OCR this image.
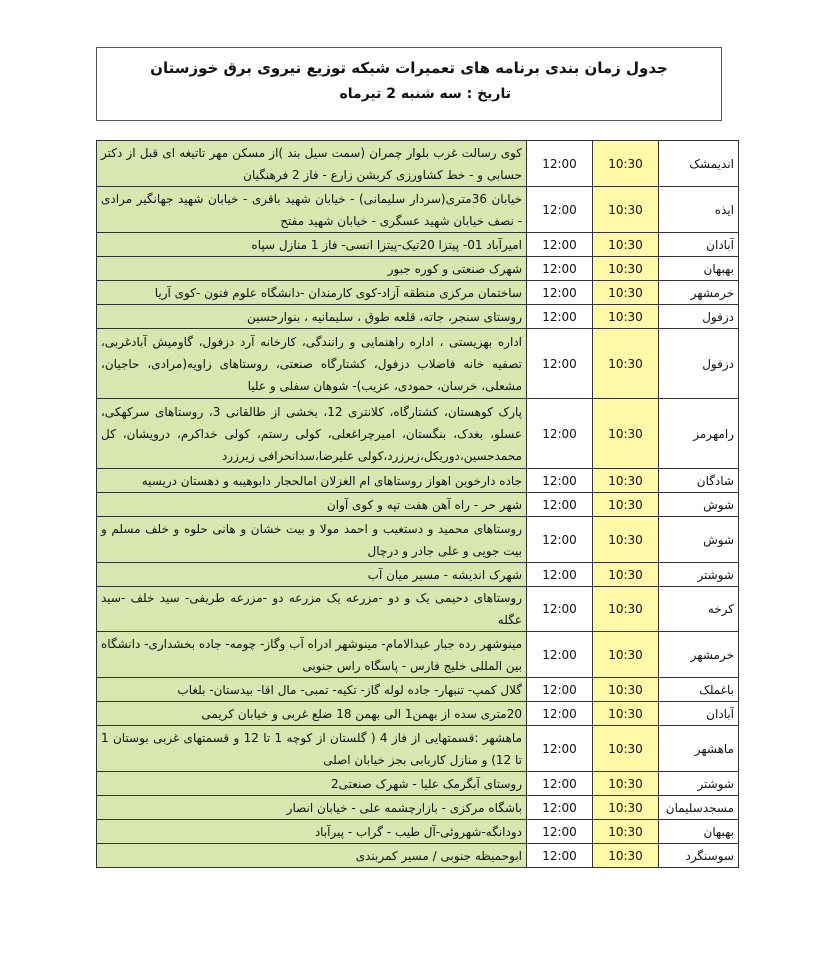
جدول زمان بندی برنامه های تعمیرات شبکه توزیع نیروی برق خوزستان
تاریخ : سه شنبه 2 تیرماه
اندیمشک	10:30	12:00	کوی رسالت غرب بلوار چمران (سمت سیل بند )از مسکن مهر تاتیغه ای قبل از دکتر حسابی و - خط کشاورزی کربشن زارع - فاز 2 فرهنگیان
ایذه	10:30	12:00	خیابان 36متری(سردار سلیمانی) - خیابان شهید باقری - خیابان شهید جهانگیر مرادی - نصف خیابان شهید عسگری - خیابان شهید مفتح
آبادان	10:30	12:00	امیرآباد 01- پیتزا 20تیک-پیتزا انسی- فاز 1 منازل سپاه
بهبهان	10:30	12:00	شهرک صنعتی و کوره جبور
خرمشهر	10:30	12:00	ساختمان مرکزی منطقه آزاد-کوی کارمندان -دانشگاه علوم فنون -کوی آریا
دزفول	10:30	12:00	روستای سنجر، جاته، قلعه طوق ، سلیمانیه ، بنوارحسین
دزفول	10:30	12:00	اداره بهزیستی ، اداره راهنمایی و رانندگی، کارخانه آرد دزفول، گاومیش آبادغربی، تصفیه خانه فاضلاب دزفول، کشتارگاه صنعتی، روستاهای زاویه(مرادی، حاجیان، مشعلی، خرسان، حمودی، عزیب)- شوهان سفلی و علیا
رامهرمز	10:30	12:00	پارک کوهستان، کشتارگاه، کلانتری 12، بخشی از طالقانی 3، روستاهای سرکهکی، عسلو، بغدک، بنگستان، امیرچراغعلی، کولی رستم، کولی خداکرم، درویشان، کل محمدحسین،دوریکل،زیرزرد،کولی علیرضا،سدانحرافی زیرزرد
شادگان	10:30	12:00	جاده دارخوین اهواز روستاهای ام الغزلان امالحجار دابوهیبه و دهستان دریسیه
شوش	10:30	12:00	شهر حر - راه آهن هفت تپه و کوی آوان
شوش	10:30	12:00	روستاهای محمید و دستغیب و احمد مولا و بیت خشان و هانی حلوه و خلف مسلم و بیت جویی و علی جادر و درچال
شوشتر	10:30	12:00	شهرک اندیشه - مسیر میان آب
کرخه	10:30	12:00	روستاهای دحیمی یک و دو -مزرعه یک مزرعه دو -مزرعه طریفی- سید خلف -سید عگله
خرمشهر	10:30	12:00	مینوشهر رده جبار عبدالامام- مینوشهر ادراه آب وگاز- چومه- جاده بخشداری- دانشگاه بین المللی خلیج فارس - پاسگاه راس جنوبی
باغملک	10:30	12:00	گلال کمپ- تنبهار- جاده لوله گاز- تکیه- تمبی- مال اقا- بیدستان- بلغاب
آبادان	10:30	12:00	20متری سده از بهمن1 الی بهمن 18 ضلع غربی و خیابان کریمی
ماهشهر	10:30	12:00	ماهشهر :قسمتهایی از فاز 4 ( گلستان از کوچه 1 تا 12 و قسمتهای غربی بوستان 1 تا 12) و منازل کاربابی بجز خیابان اصلی
شوشتر	10:30	12:00	روستای آبگرمک علیا - شهرک صنعتی2
مسجدسلیمان	10:30	12:00	باشگاه مرکزی - بازارچشمه علی - خیابان انصار
بهبهان	10:30	12:00	دودانگه-شهروئی-آل طیب - گراب - پیرآباد
سوسنگرد	10:30	12:00	ابوحمیظه جنوبی / مسیر کمربندی
